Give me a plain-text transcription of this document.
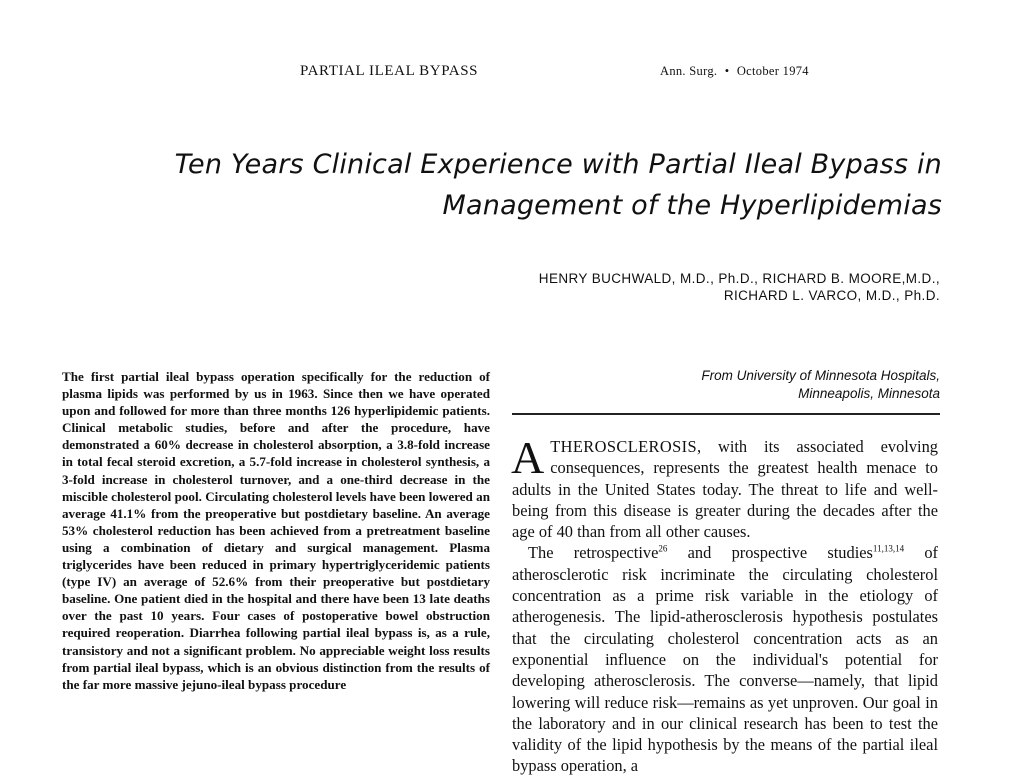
PARTIAL ILEAL BYPASS	Ann. Surg. • October 1974
Ten Years Clinical Experience with Partial Ileal Bypass in
Management of the Hyperlipidemias
HENRY BUCHWALD, M.D., Ph.D., RICHARD B. MOORE,M.D.,
RICHARD L. VARCO, M.D., Ph.D.

The first partial ileal bypass operation specifically for the reduction of plasma lipids was performed by us in 1963. Since then we have operated upon and followed for more than three months 126 hyperlipidemic patients. Clinical metabolic studies, before and after the procedure, have demonstrated a 60% decrease in cholesterol absorption, a 3.8-fold increase in total fecal steroid excretion, a 5.7-fold increase in cholesterol synthesis, a 3-fold increase in cholesterol turnover, and a one-third decrease in the miscible cholesterol pool. Circulating cholesterol levels have been lowered an average 41.1% from the preoperative but postdietary baseline. An average 53% cholesterol reduction has been achieved from a pretreatment baseline using a combination of dietary and surgical management. Plasma triglycerides have been reduced in primary hypertriglyceridemic patients (type IV) an average of 52.6% from their preoperative but postdietary baseline. One patient died in the hospital and there have been 13 late deaths over the past 10 years. Four cases of postoperative bowel obstruction required reoperation. Diarrhea following partial ileal bypass is, as a rule, transistory and not a significant problem. No appreciable weight loss results from partial ileal bypass, which is an obvious distinction from the results of the far more massive jejuno-ileal bypass procedure

From University of Minnesota Hospitals,
Minneapolis, Minnesota

ATHEROSCLEROSIS, with its associated evolving consequences, represents the greatest health menace to adults in the United States today. The threat to life and well-being from this disease is greater during the decades after the age of 40 than from all other causes.

The retrospective$^{26}$ and prospective studies$^{11,13,14}$ of atherosclerotic risk incriminate the circulating cholesterol concentration as a prime risk variable in the etiology of atherogenesis. The lipid-atherosclerosis hypothesis postulates that the circulating cholesterol concentration acts as an exponential influence on the individual's potential for developing atherosclerosis. The converse—namely, that lipid lowering will reduce risk—remains as yet unproven. Our goal in the laboratory and in our clinical research has been to test the validity of the lipid hypothesis by the means of the partial ileal bypass operation, a
